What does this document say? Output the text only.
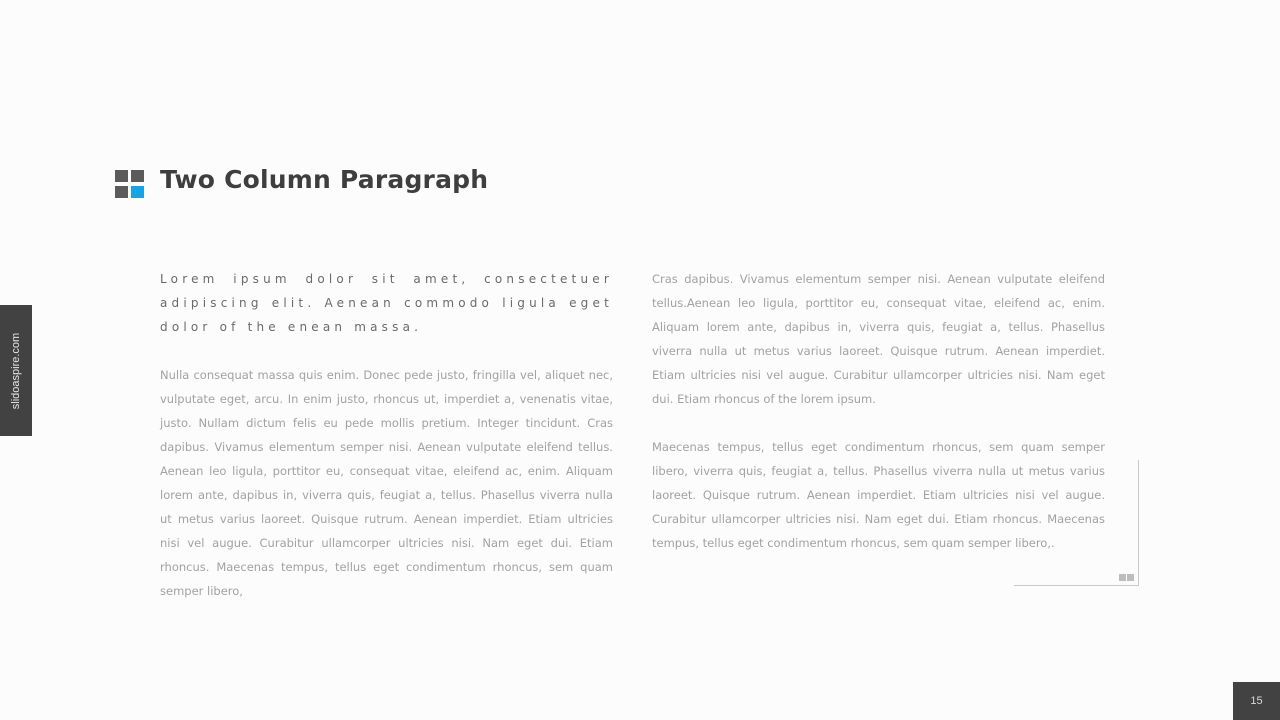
Two Column Paragraph

Lorem ipsum dolor sit amet, consectetuer adipiscing elit. Aenean commodo ligula eget dolor of the enean massa.

Nulla consequat massa quis enim. Donec pede justo, fringilla vel, aliquet nec, vulputate eget, arcu. In enim justo, rhoncus ut, imperdiet a, venenatis vitae, justo. Nullam dictum felis eu pede mollis pretium. Integer tincidunt. Cras dapibus. Vivamus elementum semper nisi. Aenean vulputate eleifend tellus. Aenean leo ligula, porttitor eu, consequat vitae, eleifend ac, enim. Aliquam lorem ante, dapibus in, viverra quis, feugiat a, tellus. Phasellus viverra nulla ut metus varius laoreet. Quisque rutrum. Aenean imperdiet. Etiam ultricies nisi vel augue. Curabitur ullamcorper ultricies nisi. Nam eget dui. Etiam rhoncus. Maecenas tempus, tellus eget condimentum rhoncus, sem quam semper libero,

Cras dapibus. Vivamus elementum semper nisi. Aenean vulputate eleifend tellus.Aenean leo ligula, porttitor eu, consequat vitae, eleifend ac, enim. Aliquam lorem ante, dapibus in, viverra quis, feugiat a, tellus. Phasellus viverra nulla ut metus varius laoreet. Quisque rutrum. Aenean imperdiet. Etiam ultricies nisi vel augue. Curabitur ullamcorper ultricies nisi. Nam eget dui. Etiam rhoncus of the lorem ipsum.

Maecenas tempus, tellus eget condimentum rhoncus, sem quam semper libero, viverra quis, feugiat a, tellus. Phasellus viverra nulla ut metus varius laoreet. Quisque rutrum. Aenean imperdiet. Etiam ultricies nisi vel augue. Curabitur ullamcorper ultricies nisi. Nam eget dui. Etiam rhoncus. Maecenas tempus, tellus eget condimentum rhoncus, sem quam semper libero,.

slidoaspire.com
15
